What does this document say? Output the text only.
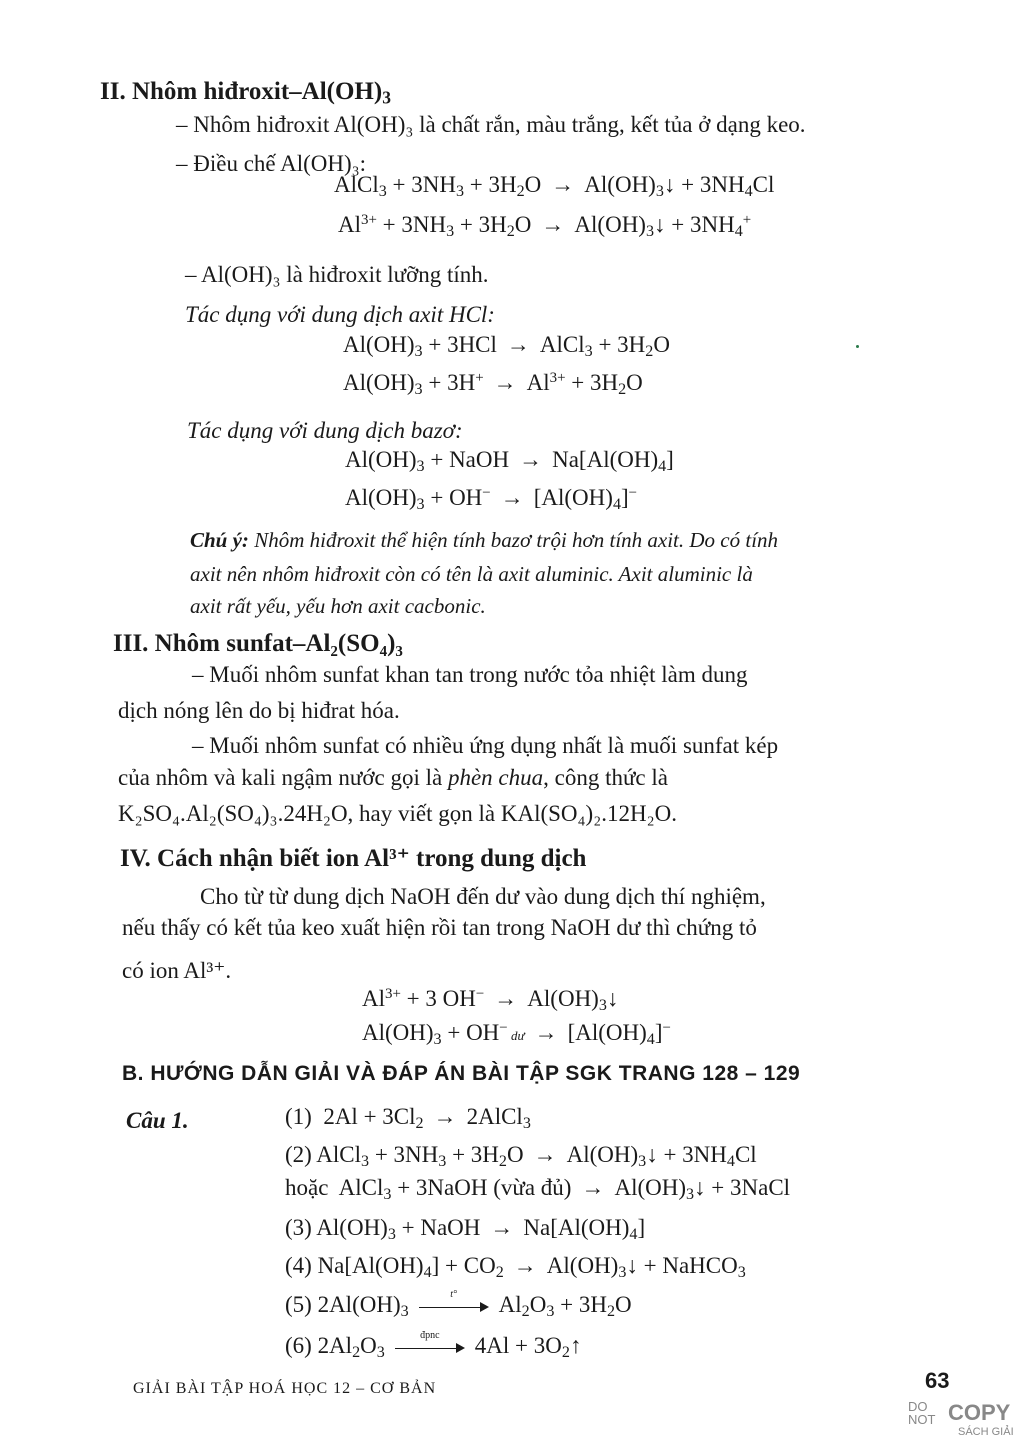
II. Nhôm hiđroxit–$Al(OH)_3$
– Nhôm hiđroxit Al(OH)₃ là chất rắn, màu trắng, kết tủa ở dạng keo.
– Điều chế Al(OH)₃:
AlCl$_3$ + $3NH_3 + 3H_2O$ → $Al(OH)_3↓ + 3NH_4Cl$
$Al^{3+} + 3NH_3 + 3H_2O$ → $Al(OH)_3↓ + 3NH_4^+$
– Al(OH)₃ là hiđroxit lưỡng tính.
Tác dụng với dung dịch axit HCl:
$Al(OH)_3 + 3HCl$ → AlCl$_3$ + $3H_2O$
$Al(OH)_3 + 3H^+ \to Al^{3+} + 3H_2O$
Tác dụng với dung dịch bazơ:
$Al(OH)_3$ + NaOH → $Na[Al(OH)_4]$
$Al(OH)_3 + OH^- \to [Al(OH)_4]^-$
Chú ý: Nhôm hiđroxit thể hiện tính bazơ trội hơn tính axit. Do có tính
axit nên nhôm hiđroxit còn có tên là axit aluminic. Axit aluminic là
axit rất yếu, yếu hơn axit cacbonic.
III. Nhôm sunfat–Al₂(SO₄)₃
– Muối nhôm sunfat khan tan trong nước tỏa nhiệt làm dung
dịch nóng lên do bị hiđrat hóa.
– Muối nhôm sunfat có nhiều ứng dụng nhất là muối sunfat kép
của nhôm và kali ngậm nước gọi là phèn chua, công thức là
K₂SO₄.Al₂(SO₄)₃.24H₂O, hay viết gọn là KAl(SO₄)₂.12H₂O.
IV. Cách nhận biết ion Al³⁺ trong dung dịch
Cho từ từ dung dịch NaOH đến dư vào dung dịch thí nghiệm,
nếu thấy có kết tủa keo xuất hiện rồi tan trong NaOH dư thì chứng tỏ
có ion Al³⁺.
$Al^{3+} + 3$ $OH^- \to Al(OH)_3↓$
$Al(OH)_3 + OH^-$ dư → $[Al(OH)_4]^-$
B. HƯỚNG DẪN GIẢI VÀ ĐÁP ÁN BÀI TẬP SGK TRANG 128 – 129
Câu 1.	(1)  $2Al + 3Cl_2$ → 2AlCl$_3$
(2) AlCl$_3$ + $3NH_3 + 3H_2O$ → $Al(OH)_3↓ + 3NH_4Cl$
hoặc  AlCl$_3$ + 3NaOH (vừa đủ) → $Al(OH)_3↓$ + 3NaCl
(3) $Al(OH)_3$ + NaOH → $Na[Al(OH)_4]$
(4) $Na[Al(OH)_4] + CO_2$ → $Al(OH)_3↓$ + NaHCO$_3$
(5) $2Al(OH)_3$
t°	$Al_2O_3 + 3H_2O$
(6) $2Al_2O_3$
đpnc	$4Al + 3O_2↑$
GIẢI BÀI TẬP HOÁ HỌC 12 – CƠ BẢN	63
DO
NOT COPY
SÁCH GIẢI
